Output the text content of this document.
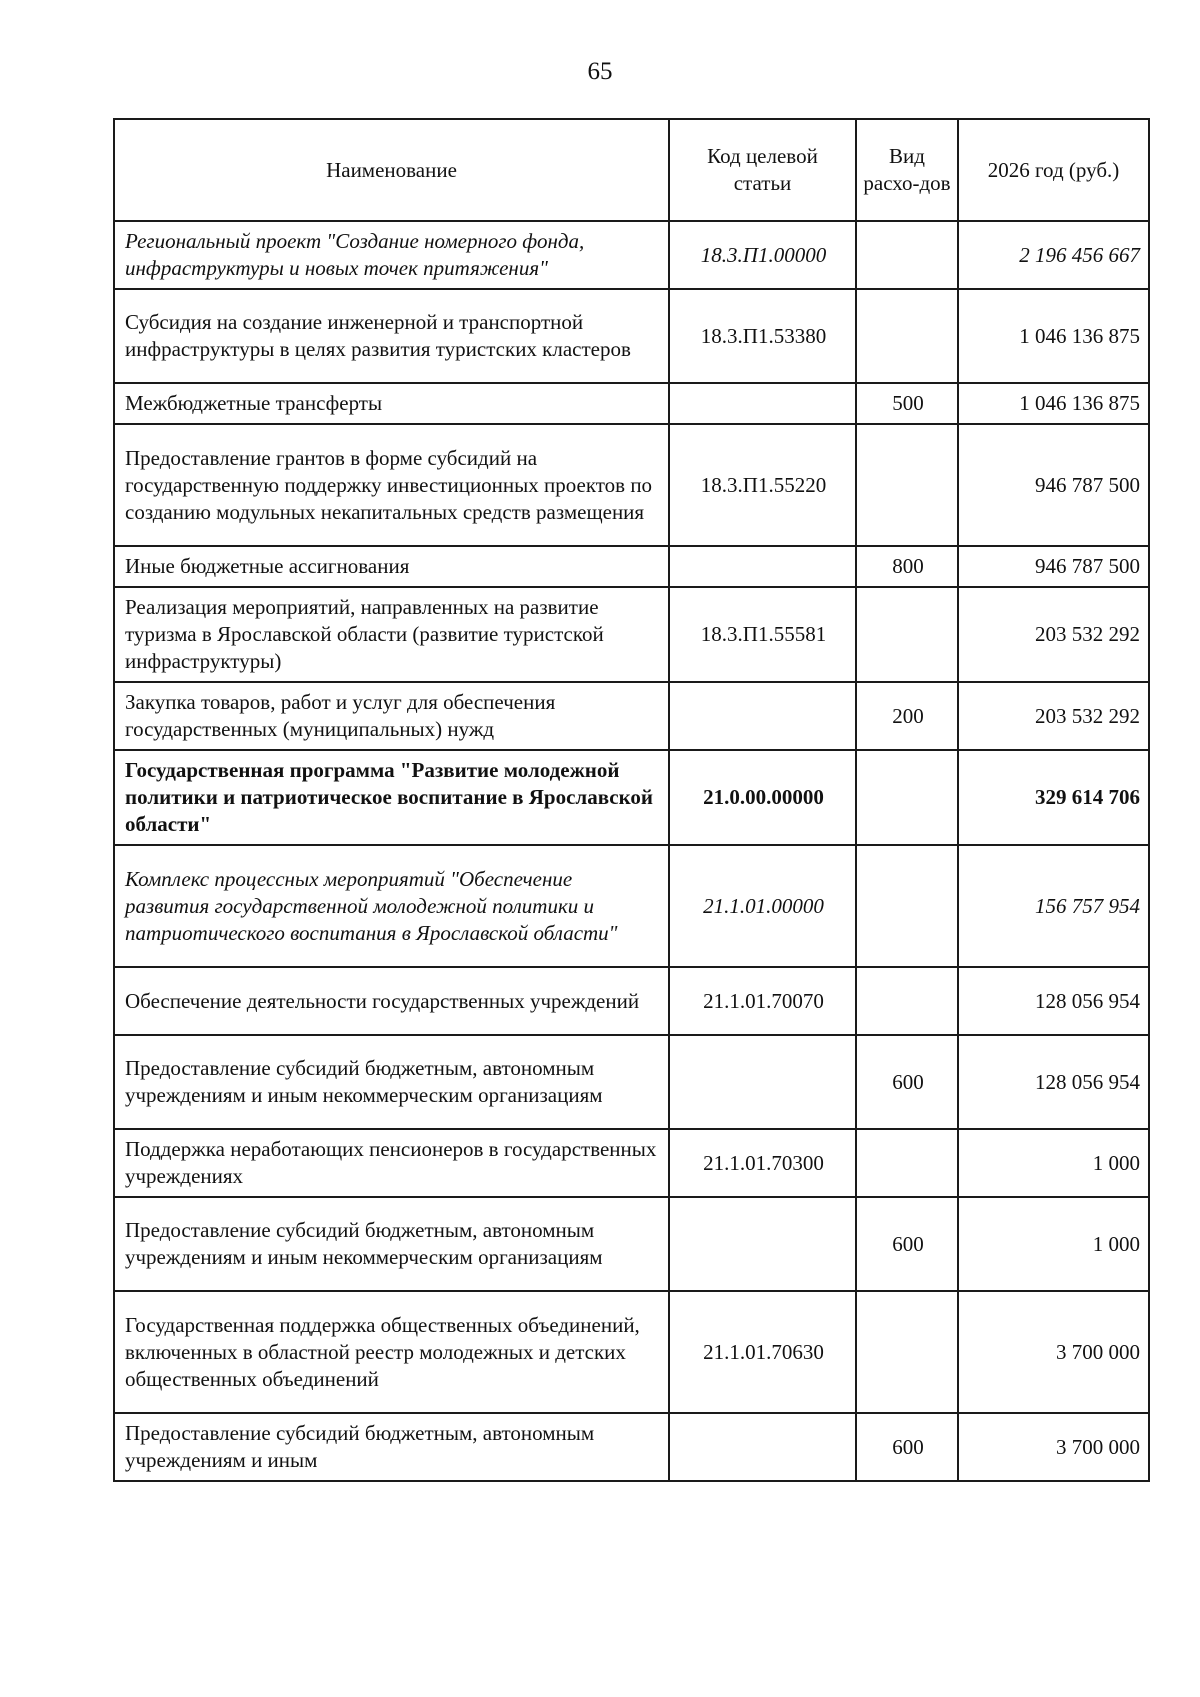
65
Наименование	Код целевой статьи	Вид расхо-дов	2026 год (руб.)
Региональный проект "Создание номерного фонда, инфраструктуры и новых точек притяжения"	18.3.П1.00000		2 196 456 667
Субсидия на создание инженерной и транспортной инфраструктуры в целях развития туристских кластеров	18.3.П1.53380		1 046 136 875
Межбюджетные трансферты		500	1 046 136 875
Предоставление грантов в форме субсидий на государственную поддержку инвестиционных проектов по созданию модульных некапитальных средств размещения	18.3.П1.55220		946 787 500
Иные бюджетные ассигнования		800	946 787 500
Реализация мероприятий, направленных на развитие туризма в Ярославской области (развитие туристской инфраструктуры)	18.3.П1.55581		203 532 292
Закупка товаров, работ и услуг для обеспечения государственных (муниципальных) нужд		200	203 532 292
Государственная программа "Развитие молодежной политики и патриотическое воспитание в Ярославской области"	21.0.00.00000		329 614 706
Комплекс процессных мероприятий "Обеспечение развития государственной молодежной политики и патриотического воспитания в Ярославской области"	21.1.01.00000		156 757 954
Обеспечение деятельности государственных учреждений	21.1.01.70070		128 056 954
Предоставление субсидий бюджетным, автономным учреждениям и иным некоммерческим организациям		600	128 056 954
Поддержка неработающих пенсионеров в государственных учреждениях	21.1.01.70300		1 000
Предоставление субсидий бюджетным, автономным учреждениям и иным некоммерческим организациям		600	1 000
Государственная поддержка общественных объединений, включенных в областной реестр молодежных и детских общественных объединений	21.1.01.70630		3 700 000
Предоставление субсидий бюджетным, автономным учреждениям и иным		600	3 700 000
